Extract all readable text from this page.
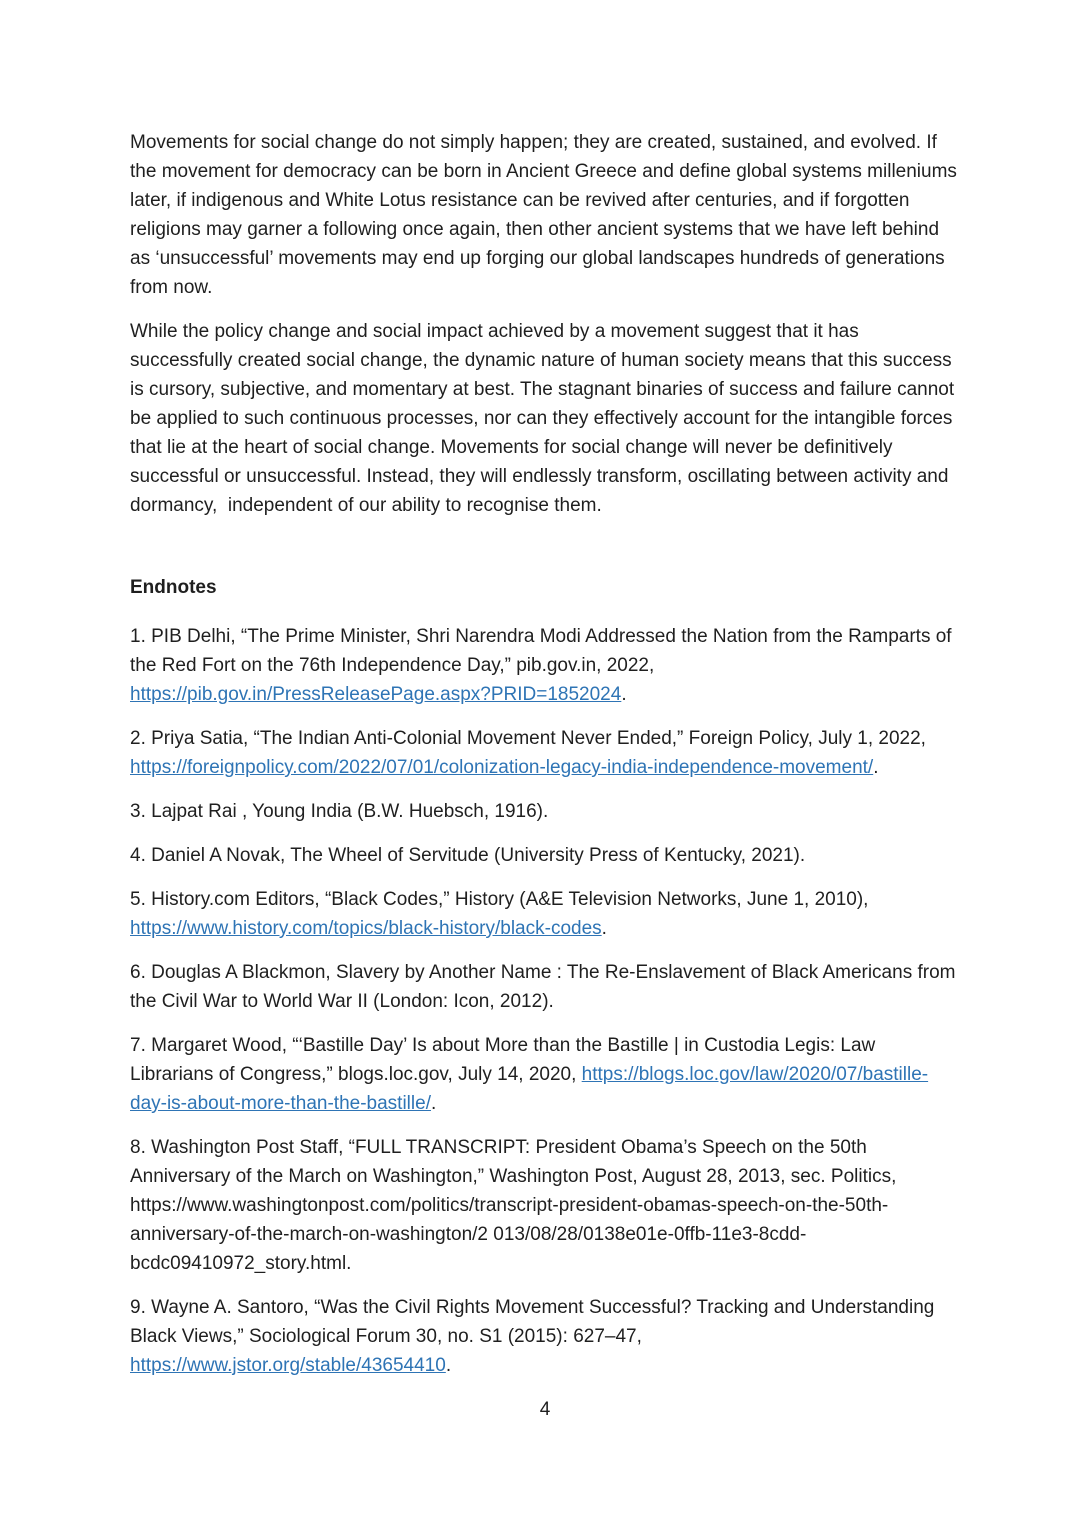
Movements for social change do not simply happen; they are created, sustained, and evolved. If the movement for democracy can be born in Ancient Greece and define global systems milleniums later, if indigenous and White Lotus resistance can be revived after centuries, and if forgotten religions may garner a following once again, then other ancient systems that we have left behind as ‘unsuccessful’ movements may end up forging our global landscapes hundreds of generations from now.

While the policy change and social impact achieved by a movement suggest that it has successfully created social change, the dynamic nature of human society means that this success is cursory, subjective, and momentary at best. The stagnant binaries of success and failure cannot be applied to such continuous processes, nor can they effectively account for the intangible forces that lie at the heart of social change. Movements for social change will never be definitively successful or unsuccessful. Instead, they will endlessly transform, oscillating between activity and dormancy,  independent of our ability to recognise them.

Endnotes

1. PIB Delhi, “The Prime Minister, Shri Narendra Modi Addressed the Nation from the Ramparts of the Red Fort on the 76th Independence Day,” pib.gov.in, 2022, https://pib.gov.in/PressReleasePage.aspx?PRID=1852024.

2. Priya Satia, “The Indian Anti-Colonial Movement Never Ended,” Foreign Policy, July 1, 2022, https://foreignpolicy.com/2022/07/01/colonization-legacy-india-independence-movement/.

3. Lajpat Rai , Young India (B.W. Huebsch, 1916).

4. Daniel A Novak, The Wheel of Servitude (University Press of Kentucky, 2021).

5. History.com Editors, “Black Codes,” History (A&E Television Networks, June 1, 2010), https://www.history.com/topics/black-history/black-codes.

6. Douglas A Blackmon, Slavery by Another Name : The Re-Enslavement of Black Americans from the Civil War to World War II (London: Icon, 2012).

7. Margaret Wood, “‘Bastille Day’ Is about More than the Bastille | in Custodia Legis: Law Librarians of Congress,” blogs.loc.gov, July 14, 2020, https://blogs.loc.gov/law/2020/07/bastille-day-is-about-more-than-the-bastille/.

8. Washington Post Staff, “FULL TRANSCRIPT: President Obama’s Speech on the 50th Anniversary of the March on Washington,” Washington Post, August 28, 2013, sec. Politics, https://www.washingtonpost.com/politics/transcript-president-obamas-speech-on-the-50th-anniversary-of-the-march-on-washington/2 013/08/28/0138e01e-0ffb-11e3-8cdd-bcdc09410972_story.html.

9. Wayne A. Santoro, “Was the Civil Rights Movement Successful? Tracking and Understanding Black Views,” Sociological Forum 30, no. S1 (2015): 627–47, https://www.jstor.org/stable/43654410.

4
